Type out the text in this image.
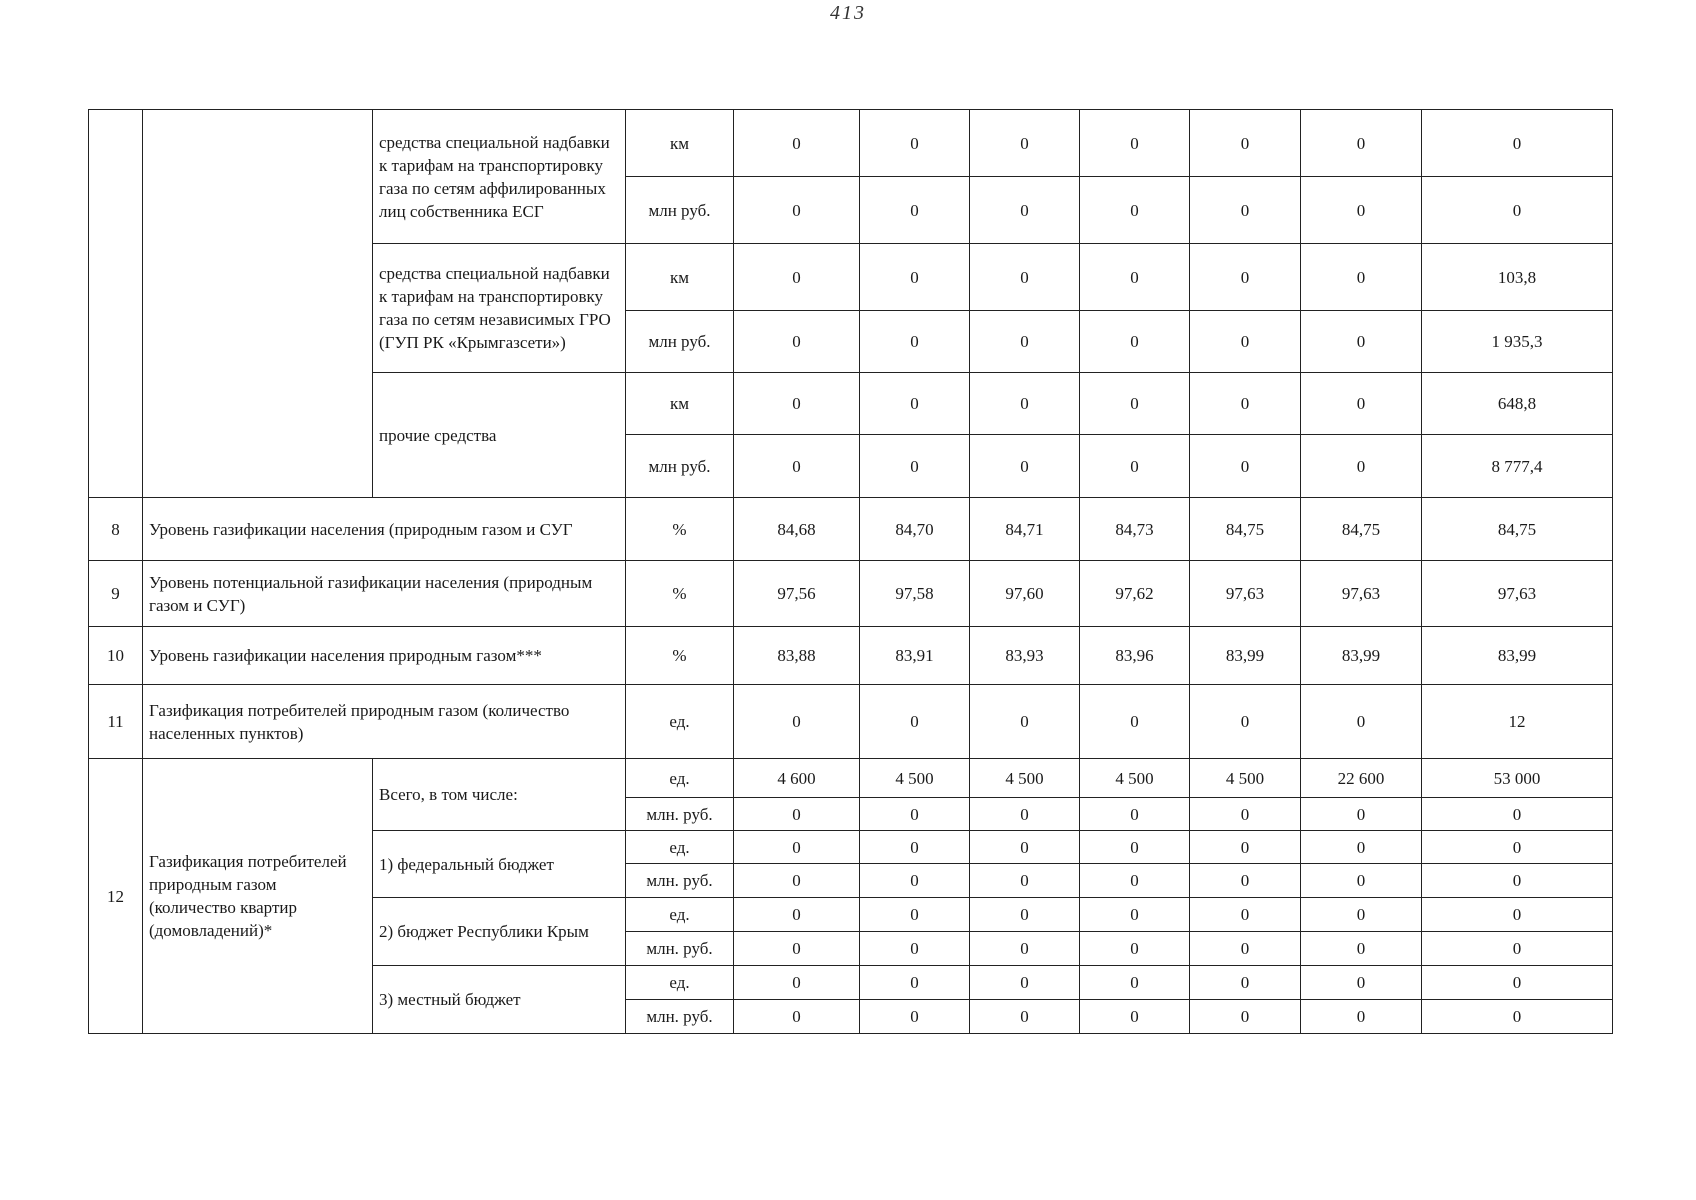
413
		средства специальной надбавки к тарифам на транспортировку газа по сетям аффилированных лиц собственника ЕСГ	км	0	0	0	0	0	0	0
			млн руб.	0	0	0	0	0	0	0
		средства специальной надбавки к тарифам на транспортировку газа по сетям независимых ГРО (ГУП РК «Крымгазсети»)	км	0	0	0	0	0	0	103,8
			млн руб.	0	0	0	0	0	0	1 935,3
		прочие средства	км	0	0	0	0	0	0	648,8
			млн руб.	0	0	0	0	0	0	8 777,4
8	Уровень газификации населения (природным газом и СУГ		%	84,68	84,70	84,71	84,73	84,75	84,75	84,75
9	Уровень потенциальной газификации населения (природным газом и СУГ)		%	97,56	97,58	97,60	97,62	97,63	97,63	97,63
10	Уровень газификации населения природным газом***		%	83,88	83,91	83,93	83,96	83,99	83,99	83,99
11	Газификация потребителей природным газом (количество населенных пунктов)		ед.	0	0	0	0	0	0	12
12	Газификация потребителей природным газом (количество квартир (домовладений)*	Всего, в том числе:	ед.	4 600	4 500	4 500	4 500	4 500	22 600	53 000
			млн. руб.	0	0	0	0	0	0	0
		1) федеральный бюджет	ед.	0	0	0	0	0	0	0
			млн. руб.	0	0	0	0	0	0	0
		2) бюджет Республики Крым	ед.	0	0	0	0	0	0	0
			млн. руб.	0	0	0	0	0	0	0
		3) местный бюджет	ед.	0	0	0	0	0	0	0
			млн. руб.	0	0	0	0	0	0	0
